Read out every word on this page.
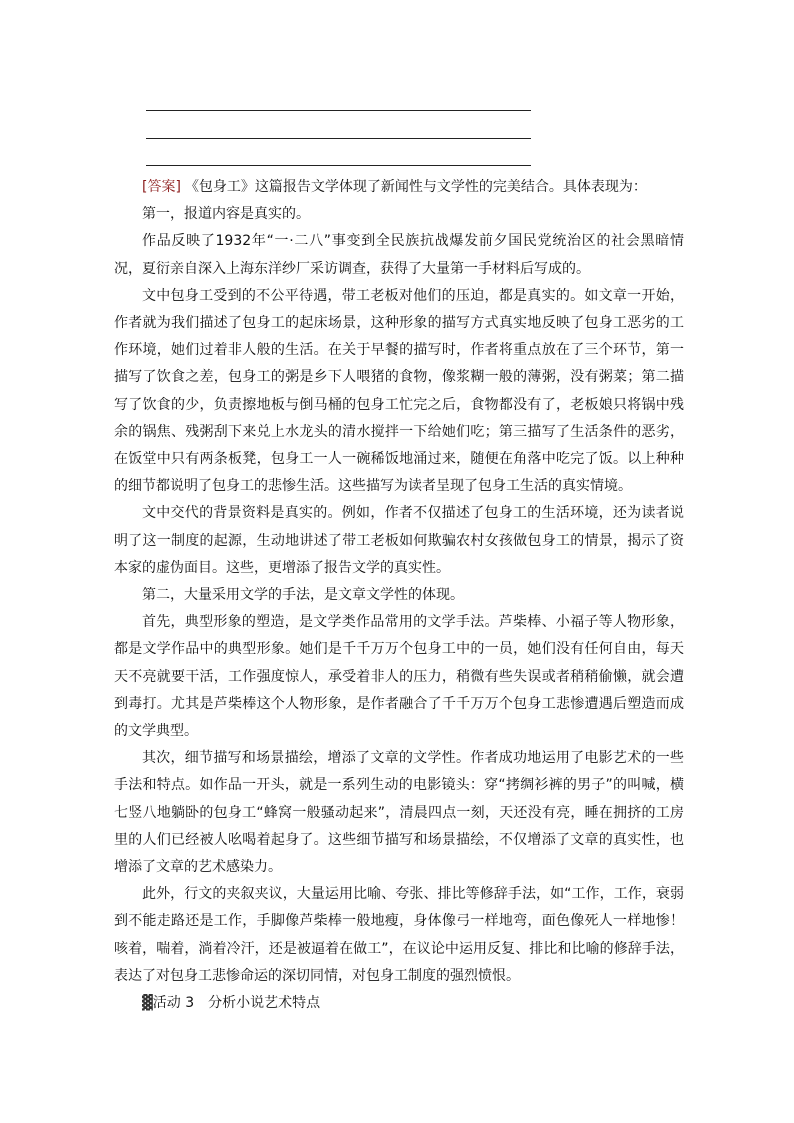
[答案] 《包身工》这篇报告文学体现了新闻性与文学性的完美结合。具体表现为：

第一，报道内容是真实的。

作品反映了1932年“一·二八”事变到全民族抗战爆发前夕国民党统治区的社会黑暗情况，夏衍亲自深入上海东洋纱厂采访调查，获得了大量第一手材料后写成的。

文中包身工受到的不公平待遇，带工老板对他们的压迫，都是真实的。如文章一开始，作者就为我们描述了包身工的起床场景，这种形象的描写方式真实地反映了包身工恶劣的工作环境，她们过着非人般的生活。在关于早餐的描写时，作者将重点放在了三个环节，第一描写了饮食之差，包身工的粥是乡下人喂猪的食物，像浆糊一般的薄粥，没有粥菜；第二描写了饮食的少，负责擦地板与倒马桶的包身工忙完之后，食物都没有了，老板娘只将锅中残余的锅焦、残粥刮下来兑上水龙头的清水搅拌一下给她们吃；第三描写了生活条件的恶劣，在饭堂中只有两条板凳，包身工一人一碗稀饭地涌过来，随便在角落中吃完了饭。以上种种的细节都说明了包身工的悲惨生活。这些描写为读者呈现了包身工生活的真实情境。

文中交代的背景资料是真实的。例如，作者不仅描述了包身工的生活环境，还为读者说明了这一制度的起源，生动地讲述了带工老板如何欺骗农村女孩做包身工的情景，揭示了资本家的虚伪面目。这些，更增添了报告文学的真实性。

第二，大量采用文学的手法，是文章文学性的体现。

首先，典型形象的塑造，是文学类作品常用的文学手法。芦柴棒、小福子等人物形象，都是文学作品中的典型形象。她们是千千万万个包身工中的一员，她们没有任何自由，每天天不亮就要干活，工作强度惊人，承受着非人的压力，稍微有些失误或者稍稍偷懒，就会遭到毒打。尤其是芦柴棒这个人物形象，是作者融合了千千万万个包身工悲惨遭遇后塑造而成的文学典型。

其次，细节描写和场景描绘，增添了文章的文学性。作者成功地运用了电影艺术的一些手法和特点。如作品一开头，就是一系列生动的电影镜头：穿“拷绸衫裤的男子”的叫喊，横七竖八地躺卧的包身工“蜂窝一般骚动起来”，清晨四点一刻，天还没有亮，睡在拥挤的工房里的人们已经被人吆喝着起身了。这些细节描写和场景描绘，不仅增添了文章的真实性，也增添了文章的艺术感染力。

此外，行文的夹叙夹议，大量运用比喻、夸张、排比等修辞手法，如“工作，工作，衰弱到不能走路还是工作，手脚像芦柴棒一般地瘦，身体像弓一样地弯，面色像死人一样地惨！咳着，喘着，淌着冷汗，还是被逼着在做工”，在议论中运用反复、排比和比喻的修辞手法，表达了对包身工悲惨命运的深切同情，对包身工制度的强烈愤恨。

▓活动 3　分析小说艺术特点
